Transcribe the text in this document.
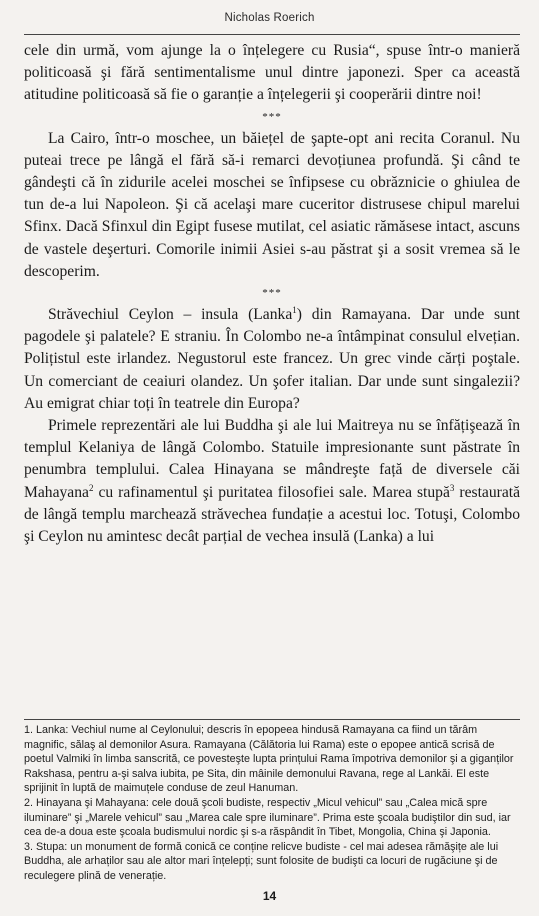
Nicholas Roerich

cele din urmă, vom ajunge la o înțelegere cu Rusia“, spuse într-o manieră politicoasă şi fără sentimentalisme unul dintre japonezi. Sper ca această atitudine politicoasă să fie o garanție a înțelegerii şi cooperării dintre noi!

***

La Cairo, într-o moschee, un băiețel de şapte-opt ani recita Coranul. Nu puteai trece pe lângă el fără să-i remarci devoțiunea profundă. Şi când te gândeşti că în zidurile acelei moschei se înfipsese cu obrăznicie o ghiulea de tun de-a lui Napoleon. Şi că acelaşi mare cuceritor distrusese chipul marelui Sfinx. Dacă Sfinxul din Egipt fusese mutilat, cel asiatic rămăsese intact, ascuns de vastele deşerturi. Comorile inimii Asiei s-au păstrat şi a sosit vremea să le descoperim.

***

Străvechiul Ceylon – insula (Lanka$^1$) din Ramayana. Dar unde sunt pagodele şi palatele? E straniu. În Colombo ne-a întâmpinat consulul elvețian. Polițistul este irlandez. Negustorul este francez. Un grec vinde cărți poştale. Un comerciant de ceaiuri olandez. Un şofer italian. Dar unde sunt singalezii? Au emigrat chiar toți în teatrele din Europa?

Primele reprezentări ale lui Buddha şi ale lui Maitreya nu se înfățişează în templul Kelaniya de lângă Colombo. Statuile impresionante sunt păstrate în penumbra templului. Calea Hinayana se mândreşte față de diversele căi Mahayana$^2$ cu rafinamentul şi puritatea filosofiei sale. Marea stupă$^3$ restaurată de lângă templu marchează străvechea fundație a acestui loc. Totuşi, Colombo şi Ceylon nu amintesc decât parțial de vechea insulă (Lanka) a lui

1. Lanka: Vechiul nume al Ceylonului; descris în epopeea hindusă Ramayana ca fiind un tărâm magnific, sălaş al demonilor Asura. Ramayana (Călătoria lui Rama) este o epopee antică scrisă de poetul Valmiki în limba sanscrită, ce povesteşte lupta prințului Rama împotriva demonilor şi a giganților Rakshasa, pentru a-şi salva iubita, pe Sita, din mâinile demonului Ravana, rege al Lankăi. El este sprijinit în luptă de maimuțele conduse de zeul Hanuman.

2. Hinayana şi Mahayana: cele două şcoli budiste, respectiv „Micul vehicul” sau „Calea mică spre iluminare” şi „Marele vehicul” sau „Marea cale spre iluminare”. Prima este şcoala budiştilor din sud, iar cea de-a doua este şcoala budismului nordic şi s-a răspândit în Tibet, Mongolia, China şi Japonia.

3. Stupa: un monument de formă conică ce conține relicve budiste - cel mai adesea rămăşițe ale lui Buddha, ale arhaților sau ale altor mari înțelepți; sunt folosite de budişti ca locuri de rugăciune şi de reculegere plină de venerație.

14
